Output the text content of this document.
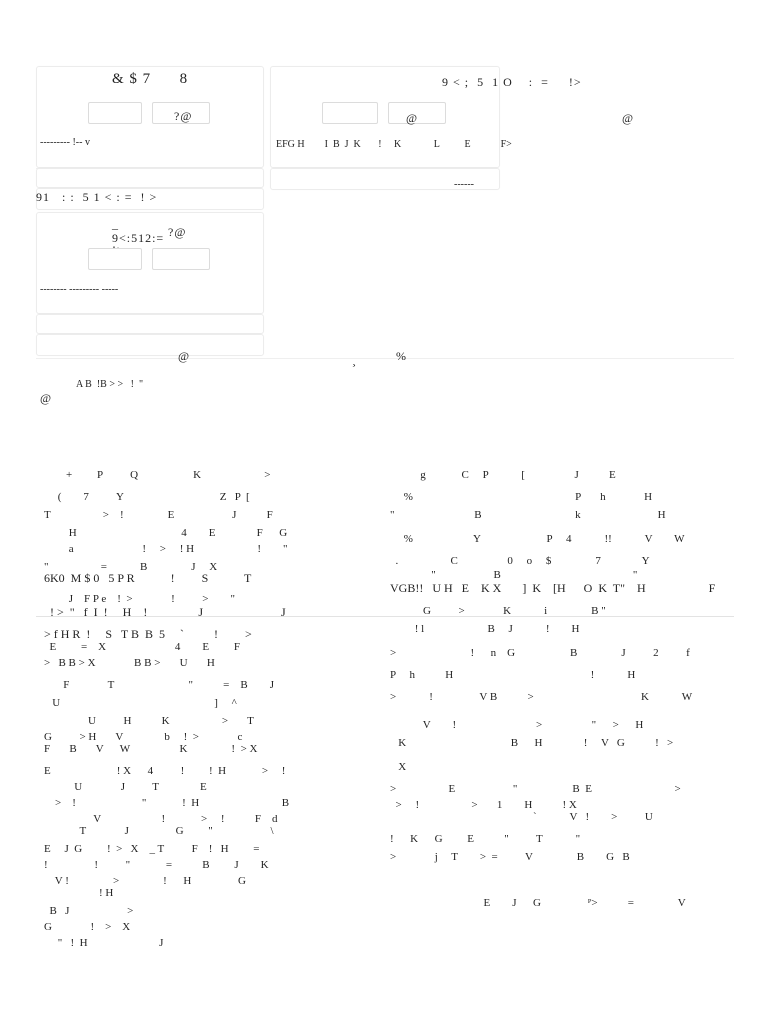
& $ 7      8
?@
--------- !-- v
9 < ;  5  1 O    :  =     !>
@	@
EFG H        I  B  J  K       !     K             L          E            F>
------
91   : :  5 1 < : =  ! >
_
9<:512:= ?@
-------- --------- -----
@	¸	%
A B  !B > >   !  "
@
+         P          Q                    K                       >
(        7          Y                                   Z   P  [
T                   >    !                E                     J           F
H                                      4        E               F      G
a                         !     >     ! H                       !        "
"                   =            B                J     X
6K0  M $ 0   5 P R            !         S            T
J    F P e    !  >              !          >        "
! >  "   f  I  !     H    !                 J                          J
> f H R  !     S   T B  B  5     `          !         >
E         =    X                         4        E         F
>   B B > X              B B >       U       H
F              T                           "           =    B        J
U                                                        ]     ^
U          H           K                   >       T
G          > H       V               b     !  >              c
F       B       V      W                  K                !  > X
E                        ! X      4          !         !  H             >     !
U              J          T               E
>    !                        "             !  H                              B
V                      !             >     !           F    d
T              J                 G         "                     \
E     J  G         !  >   X    _ T          F    !   H         =
!                 !          "             =           B         J        K
V !                >                !      H                 G
! H
B   J                     >
G              !    >    X
"   !  H                          J
g             C     P            [                  J           E
%                                                           P       h              H
"                             B                                  k                            H
%                      Y                        P     4            !!            V        W
.                   C                  0     o     $                7               Y
"                     B                                                "
VGB!!   U H   E    K X       ]  K    [H      O  K  T"    H                     F
G          >              K            i                B "
! l                       B     J            !        H
>                           !      n    G                    B                J          2          f
P     h           H                                                  !            H
>            !                 V B           >                                       K            W
V        !                             >                  "      >      H
K                                      B      H               !     V   G           !   >
X
>                   E                     "                    B  E                              >
>     !                   >       1        H           ! X
`            V   !        >          U
!      K      G         E           "          T            "
>              j     T        >  =          V                B        G   B
E        J      G                 ᴾ>           =                V
